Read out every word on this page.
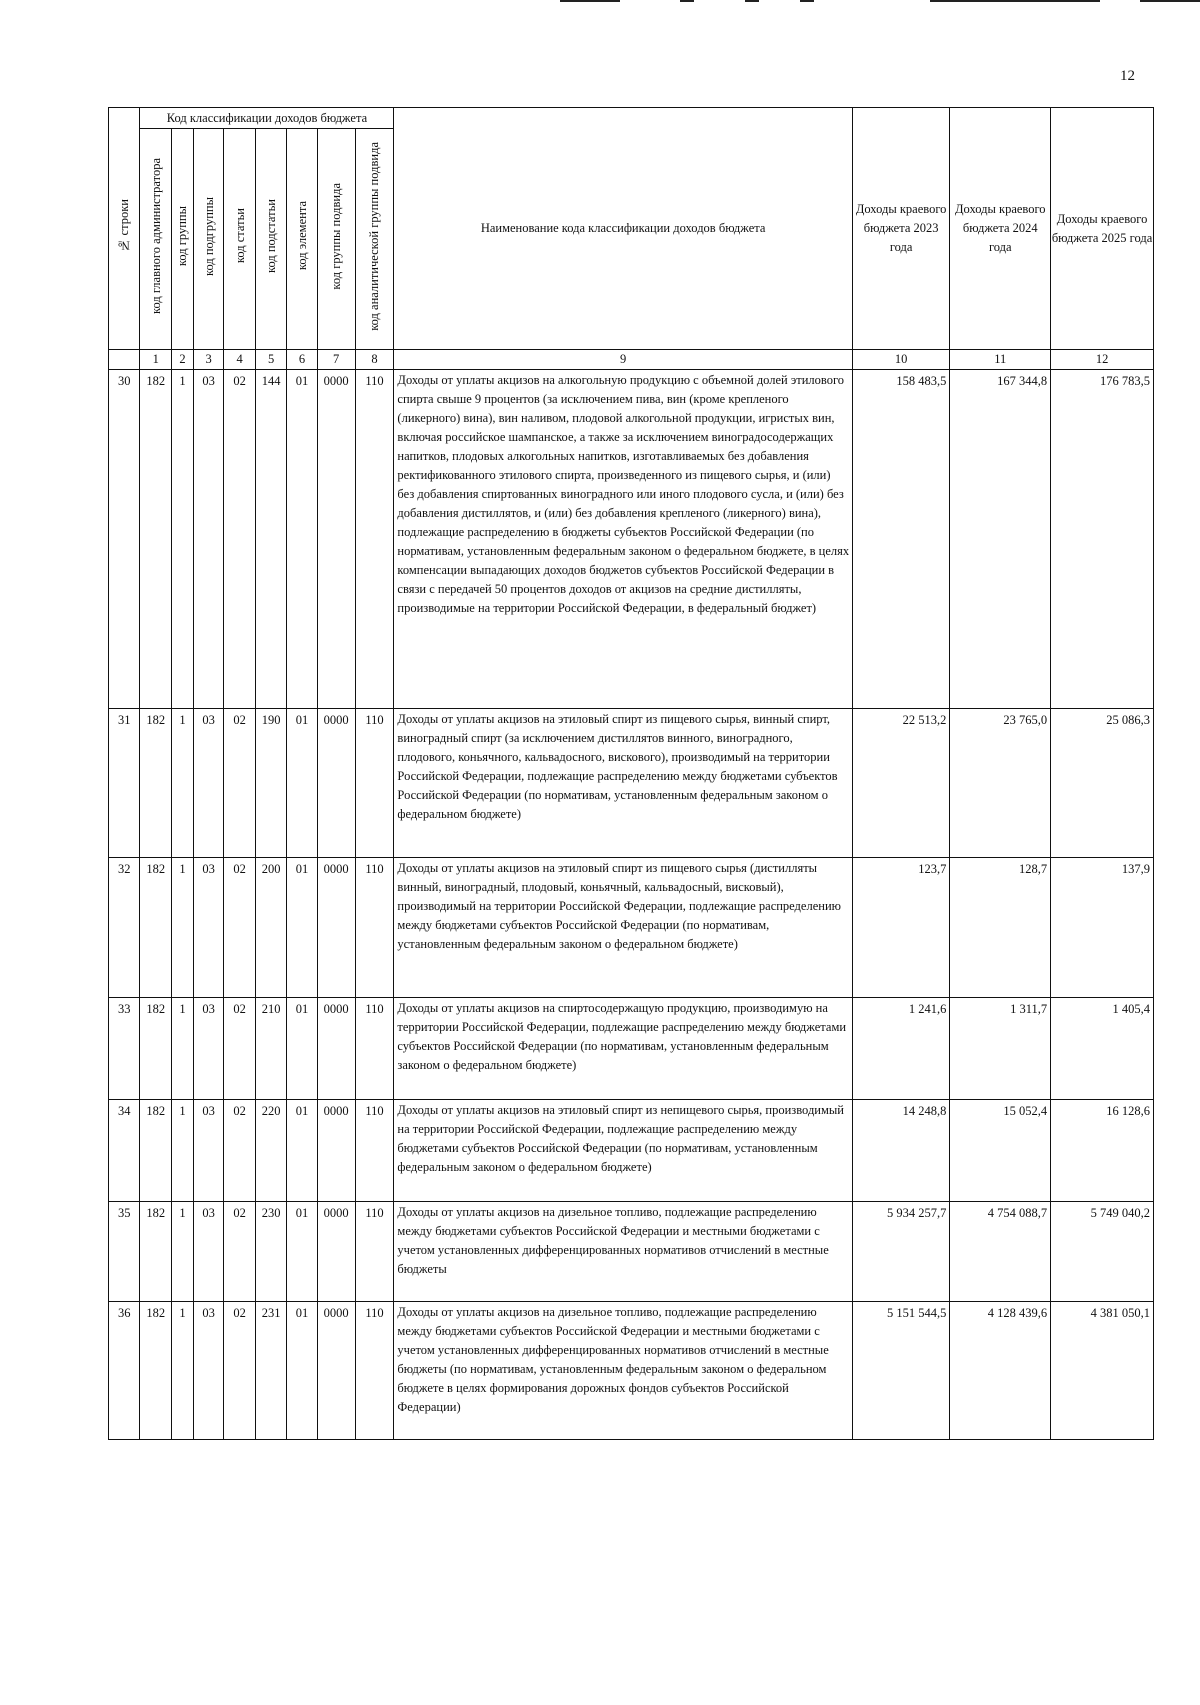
12
№ строки	Код классификации доходов бюджета								Наименование кода классификации доходов бюджета	Доходы краевого бюджета 2023 года	Доходы краевого бюджета 2024 года	Доходы краевого бюджета 2025 года
	код главного администратора	код группы	код подгруппы	код статьи	код подстатьи	код элемента	код группы подвида	код аналитической группы подвида				
	1	2	3	4	5	6	7	8	9	10	11	12
30	182	1	03	02	144	01	0000	110	Доходы от уплаты акцизов на алкогольную продукцию с объемной долей этилового спирта свыше 9 процентов (за исключением пива, вин (кроме крепленого (ликерного) вина), вин наливом, плодовой алкогольной продукции, игристых вин, включая российское шампанское, а также за исключением виноградосодержащих напитков, плодовых алкогольных напитков, изготавливаемых без добавления ректификованного этилового спирта, произведенного из пищевого сырья, и (или) без добавления спиртованных виноградного или иного плодового сусла, и (или) без добавления дистиллятов, и (или) без добавления крепленого (ликерного) вина), подлежащие распределению в бюджеты субъектов Российской Федерации (по нормативам, установленным федеральным законом о федеральном бюджете, в целях компенсации выпадающих доходов бюджетов субъектов Российской Федерации в связи с передачей 50 процентов доходов от акцизов на средние дистилляты, производимые на территории Российской Федерации, в федеральный бюджет)	158 483,5	167 344,8	176 783,5
31	182	1	03	02	190	01	0000	110	Доходы от уплаты акцизов на этиловый спирт из пищевого сырья, винный спирт, виноградный спирт (за исключением дистиллятов винного, виноградного, плодового, коньячного, кальвадосного, вискового), производимый на территории Российской Федерации, подлежащие распределению между бюджетами субъектов Российской Федерации (по нормативам, установленным федеральным законом о федеральном бюджете)	22 513,2	23 765,0	25 086,3
32	182	1	03	02	200	01	0000	110	Доходы от уплаты акцизов на этиловый спирт из пищевого сырья (дистилляты винный, виноградный, плодовый, коньячный, кальвадосный, висковый), производимый на территории Российской Федерации, подлежащие распределению между бюджетами субъектов Российской Федерации (по нормативам, установленным федеральным законом о федеральном бюджете)	123,7	128,7	137,9
33	182	1	03	02	210	01	0000	110	Доходы от уплаты акцизов на спиртосодержащую продукцию, производимую на территории Российской Федерации, подлежащие распределению между бюджетами субъектов Российской Федерации (по нормативам, установленным федеральным законом о федеральном бюджете)	1 241,6	1 311,7	1 405,4
34	182	1	03	02	220	01	0000	110	Доходы от уплаты акцизов на этиловый спирт из непищевого сырья, производимый на территории Российской Федерации, подлежащие распределению между бюджетами субъектов Российской Федерации (по нормативам, установленным федеральным законом о федеральном бюджете)	14 248,8	15 052,4	16 128,6
35	182	1	03	02	230	01	0000	110	Доходы от уплаты акцизов на дизельное топливо, подлежащие распределению между бюджетами субъектов Российской Федерации и местными бюджетами с учетом установленных дифференцированных нормативов отчислений в местные бюджеты	5 934 257,7	4 754 088,7	5 749 040,2
36	182	1	03	02	231	01	0000	110	Доходы от уплаты акцизов на дизельное топливо, подлежащие распределению между бюджетами субъектов Российской Федерации и местными бюджетами с учетом установленных дифференцированных нормативов отчислений в местные бюджеты (по нормативам, установленным федеральным законом о федеральном бюджете в целях формирования дорожных фондов субъектов Российской Федерации)	5 151 544,5	4 128 439,6	4 381 050,1
